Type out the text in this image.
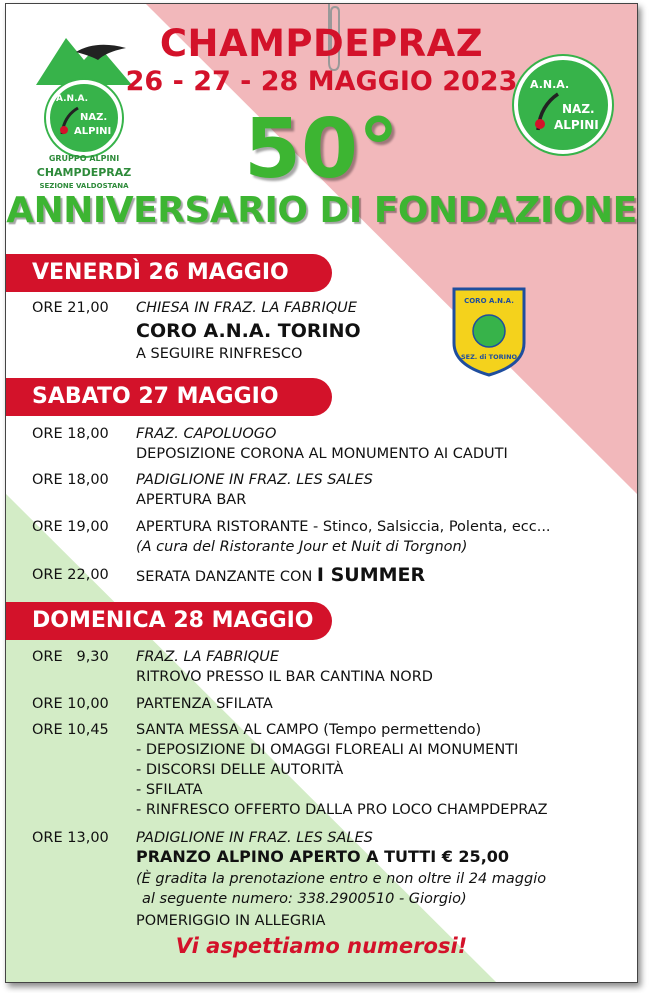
A.N.A.
NAZ.
ALPINI
GRUPPO ALPINI
CHAMPDEPRAZ
SEZIONE VALDOSTANA
A.N.A.
NAZ.
ALPINI
CHAMPDEPRAZ
26 - 27 - 28 MAGGIO 2023
50°
ANNIVERSARIO DI FONDAZIONE
VENERDÌ 26 MAGGIO
ORE 21,00	CHIESA IN FRAZ. LA FABRIQUE
CORO A.N.A. TORINO
A SEGUIRE RINFRESCO
CORO A.N.A.
SEZ. di TORINO
SABATO 27 MAGGIO
ORE 18,00	FRAZ. CAPOLUOGO
DEPOSIZIONE CORONA AL MONUMENTO AI CADUTI
ORE 18,00	PADIGLIONE IN FRAZ. LES SALES
APERTURA BAR
ORE 19,00	APERTURA RISTORANTE - Stinco, Salsiccia, Polenta, ecc...
(A cura del Ristorante Jour et Nuit di Torgnon)
ORE 22,00	SERATA DANZANTE CON I SUMMER
DOMENICA 28 MAGGIO
ORE   9,30	FRAZ. LA FABRIQUE
RITROVO PRESSO IL BAR CANTINA NORD
ORE 10,00	PARTENZA SFILATA
ORE 10,45	SANTA MESSA AL CAMPO (Tempo permettendo)
- DEPOSIZIONE DI OMAGGI FLOREALI AI MONUMENTI
- DISCORSI DELLE AUTORITÀ
- SFILATA
- RINFRESCO OFFERTO DALLA PRO LOCO CHAMPDEPRAZ
ORE 13,00	PADIGLIONE IN FRAZ. LES SALES
PRANZO ALPINO APERTO A TUTTI € 25,00
(È gradita la prenotazione entro e non oltre il 24 maggio
al seguente numero: 338.2900510 - Giorgio)
POMERIGGIO IN ALLEGRIA
Vi aspettiamo numerosi!
